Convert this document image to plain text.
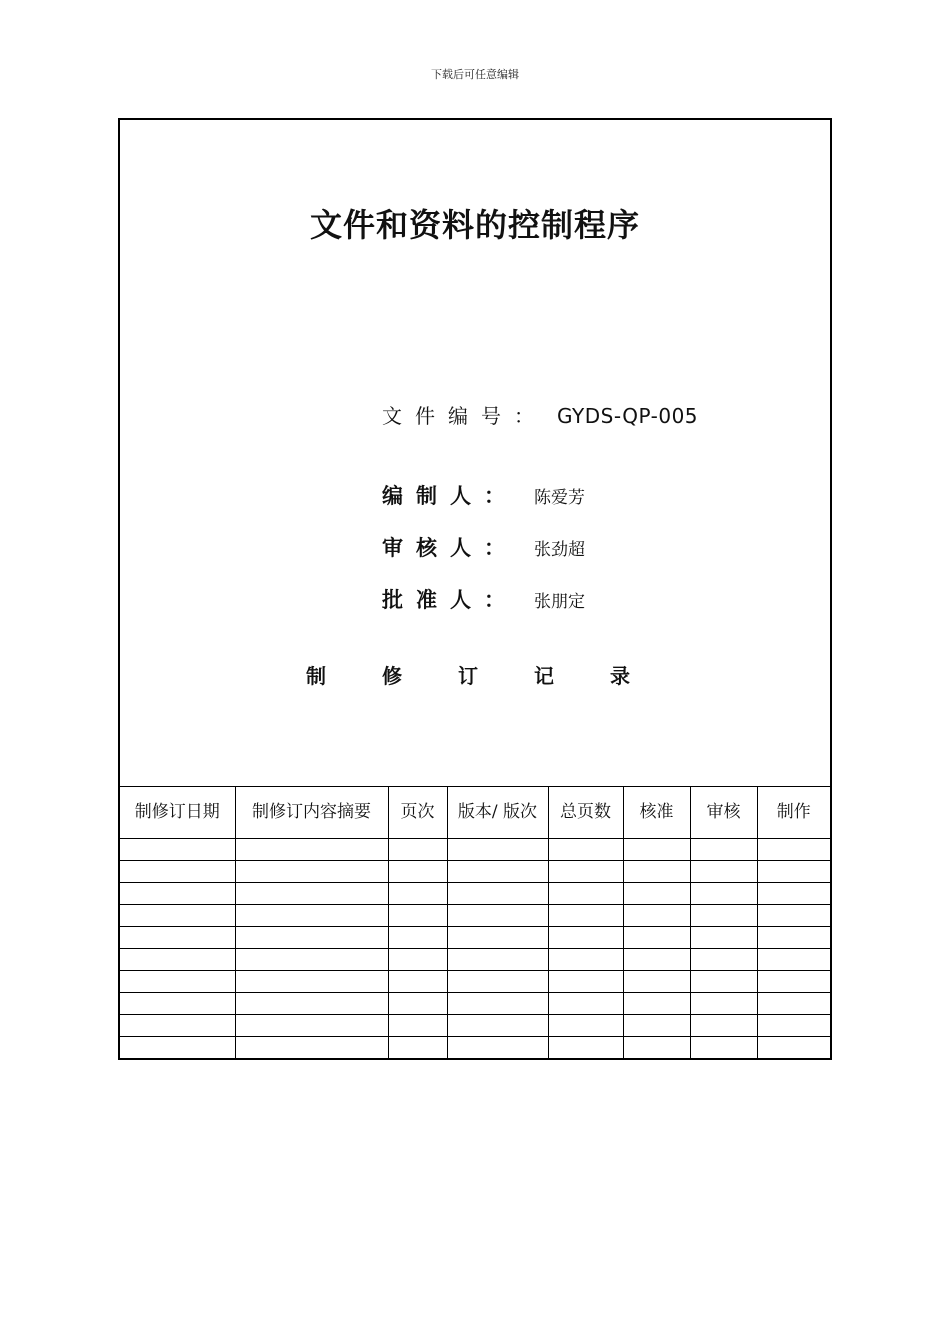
下载后可任意编辑
文件和资料的控制程序
文件编号： GYDS-QP-005
编制人： 陈爱芳
审核人： 张劲超
批准人： 张朋定
制修订记录
制修订日期	制修订内容摘要	页次	版本/ 版次	总页数	核准	审核	制作
